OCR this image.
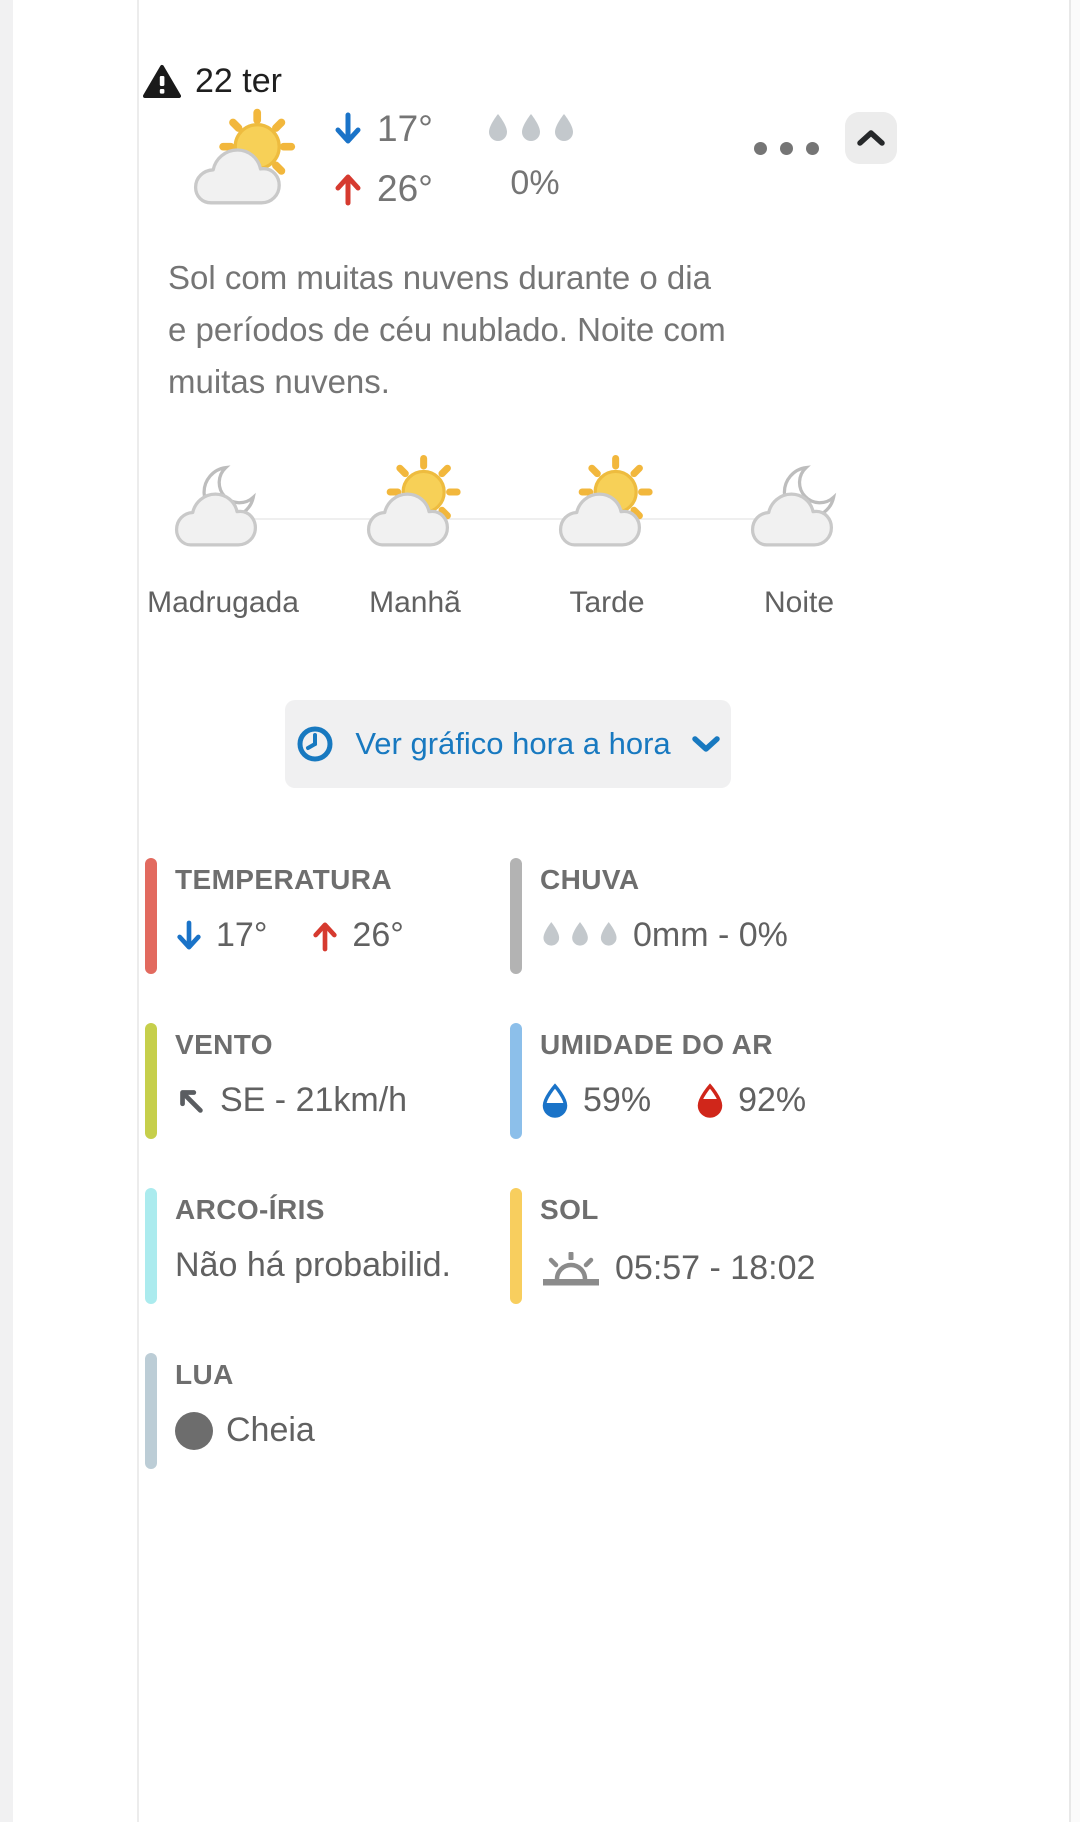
22 ter
17°
26°	0%

Sol com muitas nuvens durante o dia e períodos de céu nublado. Noite com muitas nuvens.

Madrugada Manhã	Tarde	Noite
Ver gráfico hora a hora
TEMPERATURA
17°	26°
CHUVA
0mm - 0%
VENTO
SE - 21km/h
UMIDADE DO AR
59%	92%
ARCO-ÍRIS
Não há probabilid.
SOL
05:57 - 18:02
LUA
Cheia
